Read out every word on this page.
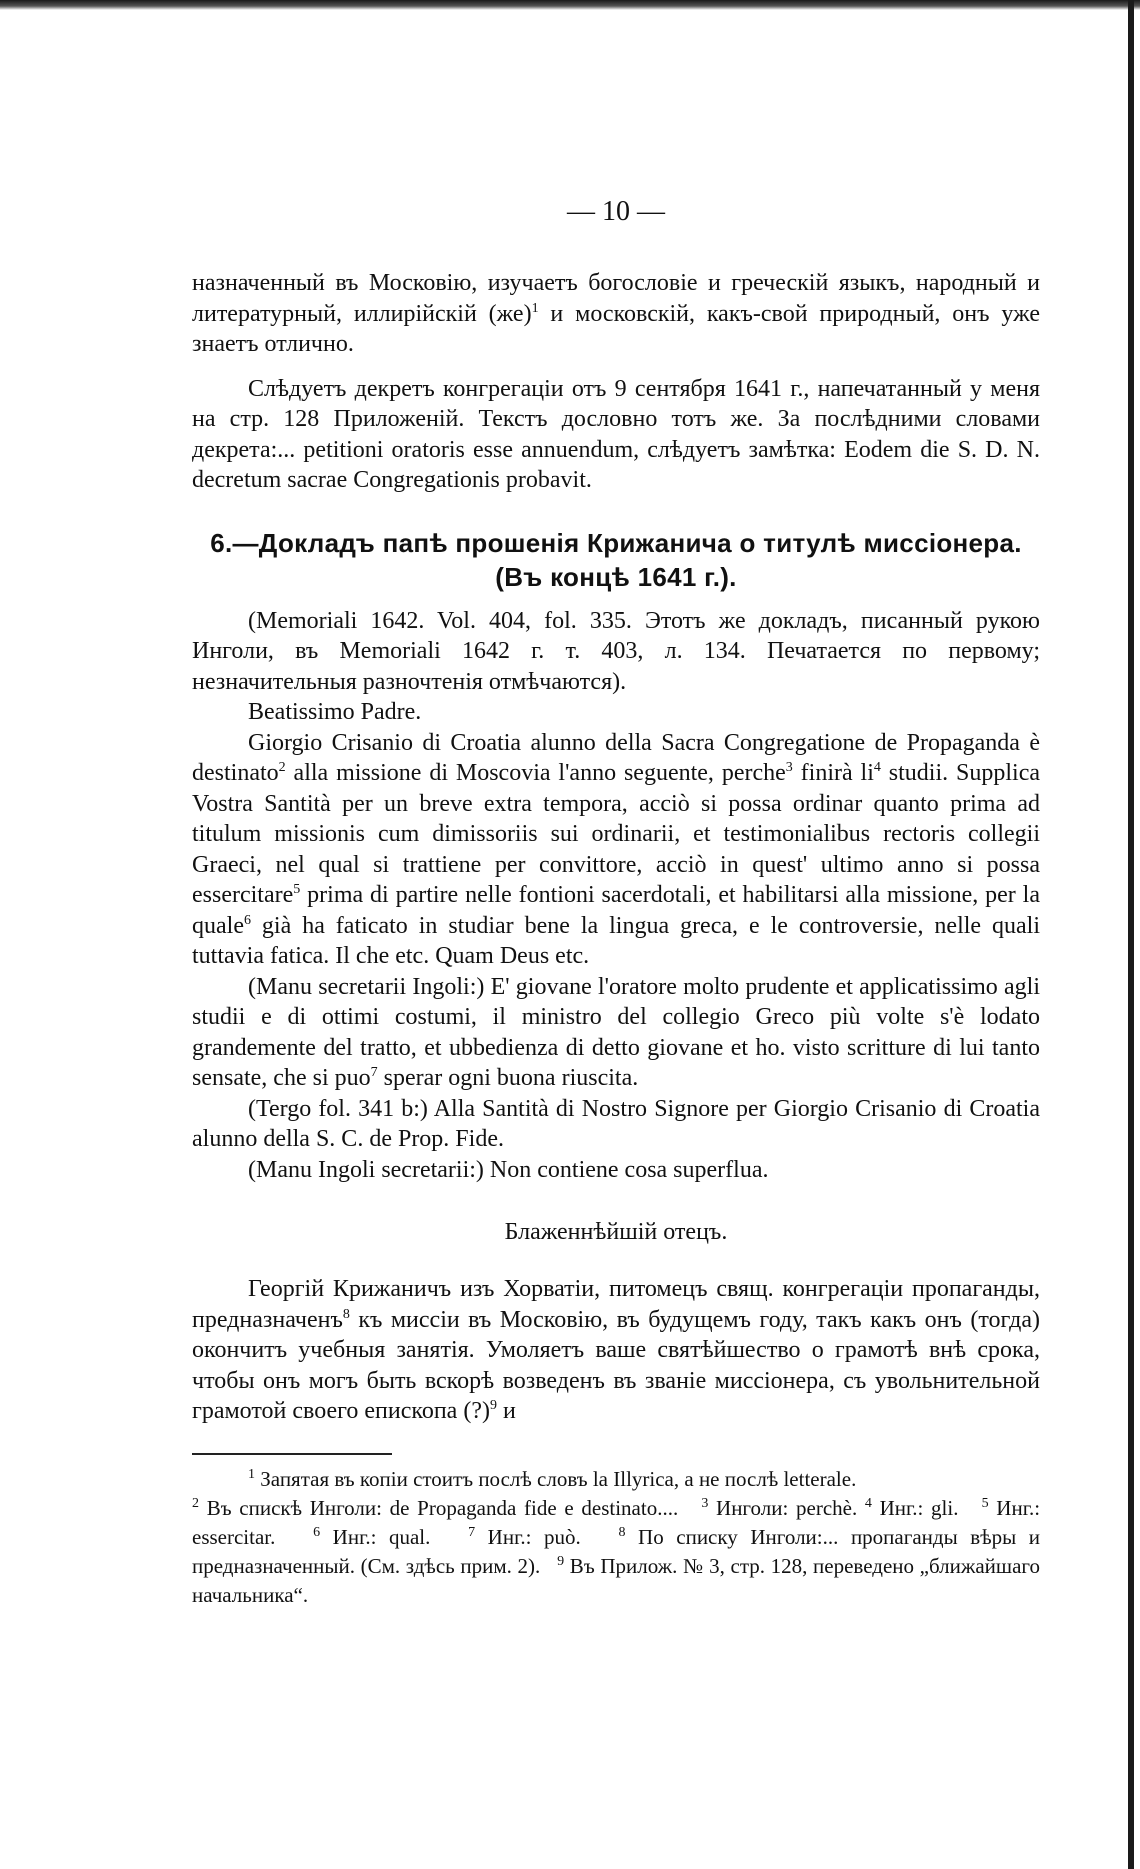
— 10 —

назначенный въ Московію, изучаетъ богословіе и греческій языкъ, народный и литературный, иллирійскій (же)$^1$ и московскій, какъ-свой природный, онъ уже знаетъ отлично.

Слѣдуетъ декретъ конгрегаціи отъ 9 сентября 1641 г., напечатанный у меня на стр. 128 Приложеній. Текстъ дословно тотъ же. За послѣдними словами декрета:... petitioni oratoris esse annuendum, слѣдуетъ замѣтка: Eodem die S. D. N. decretum sacrae Congregationis probavit.

6.—Докладъ папѣ прошенія Крижанича о титулѣ миссіонера.
(Въ концѣ 1641 г.).

(Memoriali 1642. Vol. 404, fol. 335. Этотъ же докладъ, писанный рукою Инголи, въ Memoriali 1642 г. т. 403, л. 134. Печатается по первому; незначительныя разночтенія отмѣчаются).

Beatissimo Padre.

Giorgio Crisanio di Croatia alunno della Sacra Congregatione de Propaganda è destinato$^2$ alla missione di Moscovia l'anno seguente, perche$^3$ finirà $li^4$ studii. Supplica Vostra Santità per un breve extra tempora, acciò si possa ordinar quanto prima ad titulum missionis cum dimissoriis sui ordinarii, et testimonialibus rectoris collegii Graeci, nel qual si trattiene per convittore, acciò in quest' ultimo anno si possa essercitare$^5$ prima di partire nelle fontioni sacerdotali, et habilitarsi alla missione, per la quale$^6$ già ha faticato in studiar bene la lingua greca, e le controversie, nelle quali tuttavia fatica. Il che etc. Quam Deus etc.

(Manu secretarii Ingoli:) E' giovane l'oratore molto prudente et applicatissimo agli studii e di ottimi costumi, il ministro del collegio Greco più volte s'è lodato grandemente del tratto, et ubbedienza di detto giovane et ho. visto scritture di lui tanto sensate, che si puo$^7$ sperar ogni buona riuscita.

(Tergo fol. 341 b:) Alla Santità di Nostro Signore per Giorgio Crisanio di Croatia alunno della S. C. de Prop. Fide.

(Manu Ingoli secretarii:) Non contiene cosa superflua.

Блаженнѣйшій отецъ.

Георгій Крижаничъ изъ Хорватіи, питомецъ свящ. конгрегаціи пропаганды, предназначенъ$^8$ къ миссіи въ Московію, въ будущемъ году, такъ какъ онъ (тогда) окончитъ учебныя занятія. Умоляетъ ваше святѣйшество о грамотѣ внѣ срока, чтобы онъ могъ быть вскорѣ возведенъ въ званіе миссіонера, съ увольнительной грамотой своего епископа (?)$^9$ и

$^1$ Запятая въ копіи стоитъ послѣ словъ la Illyrica, а не послѣ letterale.

$^2$ Въ спискѣ Инголи: de Propaganda fide e destinato.... $^3$ Инголи: perchè. $^4$ Инг.: gli. $^5$ Инг.: essercitar.	$^6$ Инг.: qual.	$^7$ Инг.: può.	$^8$ По списку Инголи:... пропаганды вѣры и предназначенный. (См. здѣсь прим. 2). $^9$ Въ Прилож. № 3, стр. 128, переведено „ближайшаго начальника“.
